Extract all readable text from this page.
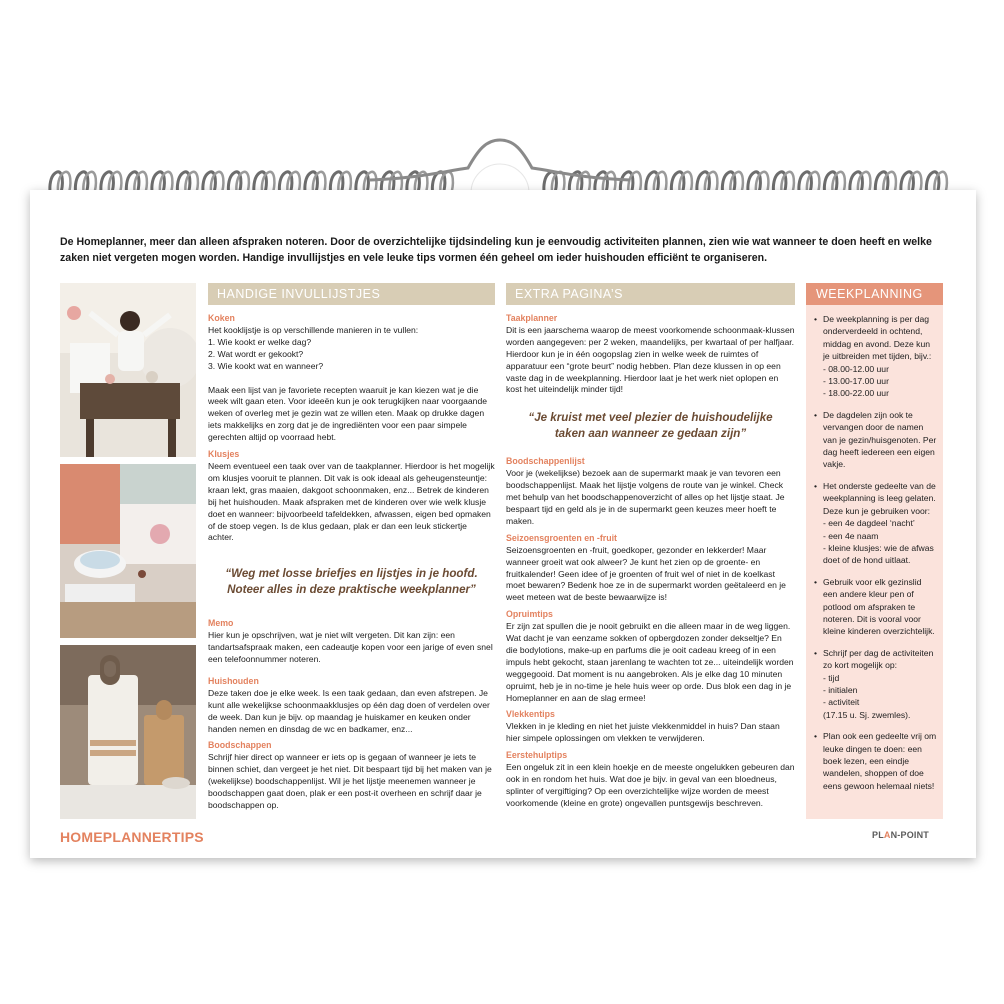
De Homeplanner, meer dan alleen afspraken noteren. Door de overzichtelijke tijdsindeling kun je eenvoudig activiteiten plannen, zien wie wat wanneer te doen heeft en welke zaken niet vergeten mogen worden. Handige invullijstjes en vele leuke tips vormen één geheel om ieder huishouden efficiënt te organiseren.
HANDIGE INVULLIJSTJES
Koken

Het kooklijstje is op verschillende manieren in te vullen:

1. Wie kookt er welke dag?

2. Wat wordt er gekookt?

3. Wie kookt wat en wanneer?

Maak een lijst van je favoriete recepten waaruit je kan kiezen wat je die week wilt gaan eten. Voor ideeën kun je ook terugkijken naar voorgaande weken of overleg met je gezin wat ze willen eten. Maak op drukke dagen iets makkelijks en zorg dat je de ingrediënten voor een paar simpele gerechten altijd op voorraad hebt.

Klusjes

Neem eventueel een taak over van de taakplanner. Hierdoor is het mogelijk om klusjes vooruit te plannen. Dit vak is ook ideaal als geheugensteuntje: kraan lekt, gras maaien, dakgoot schoonmaken, enz... Betrek de kinderen bij het huishouden. Maak afspraken met de kinderen over wie welk klusje doet en wanneer: bijvoorbeeld tafeldekken, afwassen, eigen bed opmaken of de stoep vegen. Is de klus gedaan, plak er dan een leuk stickertje achter.

“Weg met losse briefjes en lijstjes in je hoofd. Noteer alles in deze praktische weekplanner”
Memo

Hier kun je opschrijven, wat je niet wilt vergeten. Dit kan zijn: een tandartsafspraak maken, een cadeautje kopen voor een jarige of even snel een telefoonnummer noteren.

Huishouden

Deze taken doe je elke week. Is een taak gedaan, dan even afstrepen. Je kunt alle wekelijkse schoonmaakklusjes op één dag doen of verdelen over de week. Dan kun je bijv. op maandag je huiskamer en keuken onder handen nemen en dinsdag de wc en badkamer, enz...

Boodschappen

Schrijf hier direct op wanneer er iets op is gegaan of wanneer je iets te binnen schiet, dan vergeet je het niet. Dit bespaart tijd bij het maken van je (wekelijkse) boodschappenlijst. Wil je het lijstje meenemen wanneer je boodschappen gaat doen, plak er een post-it overheen en schrijf daar je boodschappen op.

EXTRA PAGINA’S
Taakplanner

Dit is een jaarschema waarop de meest voorkomende schoonmaak-klussen worden aangegeven: per 2 weken, maandelijks, per kwartaal of per halfjaar. Hierdoor kun je in één oogopslag zien in welke week de ruimtes of apparatuur een “grote beurt” nodig hebben. Plan deze klussen in op een vaste dag in de weekplanning. Hierdoor laat je het werk niet oplopen en kost het uiteindelijk minder tijd!

“Je kruist met veel plezier de huishoudelijke taken aan wanneer ze gedaan zijn”
Boodschappenlijst

Voor je (wekelijkse) bezoek aan de supermarkt maak je van tevoren een boodschappenlijst. Maak het lijstje volgens de route van je winkel. Check met behulp van het boodschappenoverzicht of alles op het lijstje staat. Je bespaart tijd en geld als je in de supermarkt geen keuzes meer hoeft te maken.

Seizoensgroenten en -fruit

Seizoensgroenten en -fruit, goedkoper, gezonder en lekkerder! Maar wanneer groeit wat ook alweer? Je kunt het zien op de groente- en fruitkalender! Geen idee of je groenten of fruit wel of niet in de koelkast moet bewaren? Bedenk hoe ze in de supermarkt worden geëtaleerd en je weet meteen wat de beste bewaarwijze is!

Opruimtips

Er zijn zat spullen die je nooit gebruikt en die alleen maar in de weg liggen. Wat dacht je van eenzame sokken of opbergdozen zonder dekseltje? En die bodylotions, make-up en parfums die je ooit cadeau kreeg of in een impuls hebt gekocht, staan jarenlang te wachten tot ze... uiteindelijk worden weggegooid. Dat moment is nu aangebroken. Als je elke dag 10 minuten opruimt, heb je in no-time je hele huis weer op orde. Dus blok een dag in je Homeplanner en aan de slag ermee!

Vlekkentips

Vlekken in je kleding en niet het juiste vlekkenmiddel in huis? Dan staan hier simpele oplossingen om vlekken te verwijderen.

Eerstehulptips

Een ongeluk zit in een klein hoekje en de meeste ongelukken gebeuren dan ook in en rondom het huis. Wat doe je bijv. in geval van een bloedneus, splinter of vergiftiging? Op een overzichtelijke wijze worden de meest voorkomende (kleine en grote) ongevallen puntsgewijs beschreven.

WEEKPLANNING
• De weekplanning is per dag onderverdeeld in ochtend, middag en avond. Deze kun je uitbreiden met tijden, bijv.:
- 08.00-12.00 uur
- 13.00-17.00 uur
- 18.00-22.00 uur
• De dagdelen zijn ook te vervangen door de namen van je gezin/huisgenoten. Per dag heeft iedereen een eigen vakje.
• Het onderste gedeelte van de weekplanning is leeg gelaten. Deze kun je gebruiken voor:
- een 4e dagdeel ‘nacht’
- een 4e naam
- kleine klusjes: wie de afwas doet of de hond uitlaat.
• Gebruik voor elk gezinslid een andere kleur pen of potlood om afspraken te noteren. Dit is vooral voor kleine kinderen overzichtelijk.
• Schrijf per dag de activiteiten zo kort mogelijk op:
- tijd
- initialen
- activiteit
(17.15 u. Sj. zwemles).
• Plan ook een gedeelte vrij om leuke dingen te doen: een boek lezen, een eindje wandelen, shoppen of doe eens gewoon helemaal niets!
HOMEPLANNERTIPS	PLAN-POINT
